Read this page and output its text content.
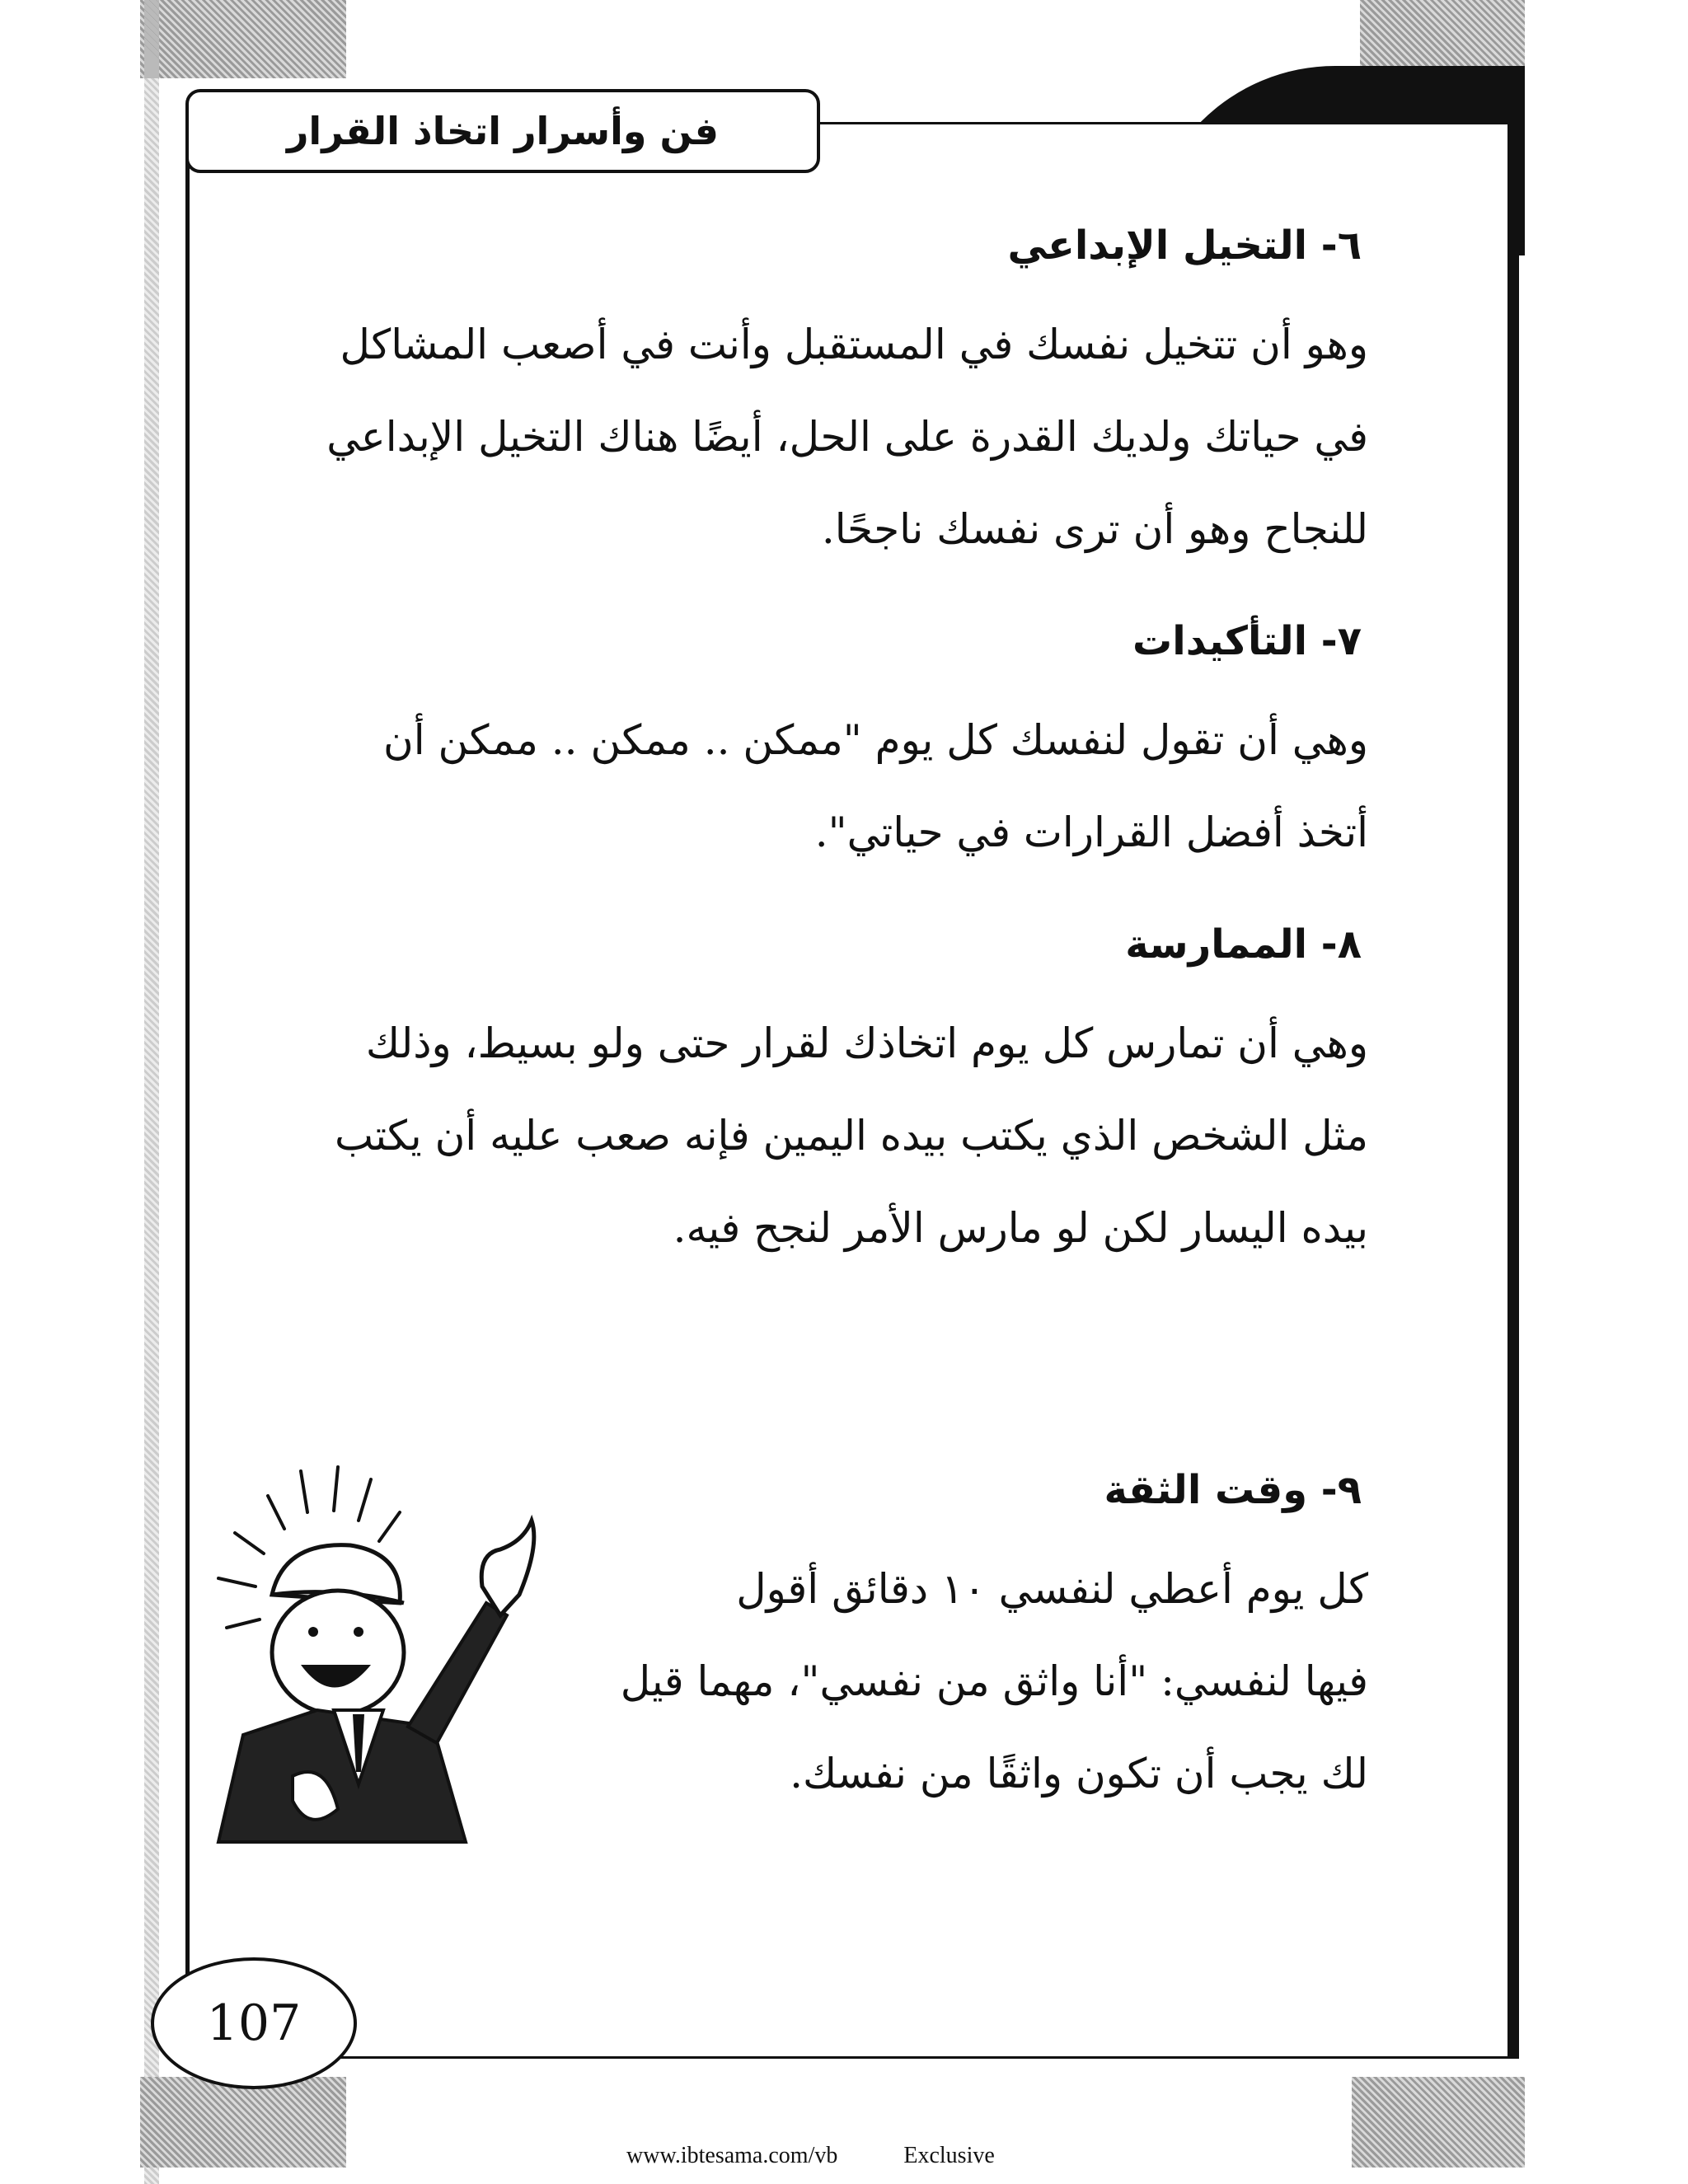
فن وأسرار اتخاذ القرار
٦- التخيل الإبداعي
وهو أن تتخيل نفسك في المستقبل وأنت في أصعب المشاكل
في حياتك ولديك القدرة على الحل، أيضًا هناك التخيل الإبداعي
للنجاح وهو أن ترى نفسك ناجحًا.
٧- التأكيدات
وهي أن تقول لنفسك كل يوم "ممكن .. ممكن .. ممكن أن
أتخذ أفضل القرارات في حياتي".
٨- الممارسة
وهي أن تمارس كل يوم اتخاذك لقرار حتى ولو بسيط، وذلك
مثل الشخص الذي يكتب بيده اليمين فإنه صعب عليه أن يكتب
بيده اليسار لكن لو مارس الأمر لنجح فيه.
٩- وقت الثقة
كل يوم أعطي لنفسي ١٠ دقائق أقول
فيها لنفسي: "أنا واثق من نفسي"، مهما قيل
لك يجب أن تكون واثقًا من نفسك.
107
www.ibtesama.com/vb	Exclusive
